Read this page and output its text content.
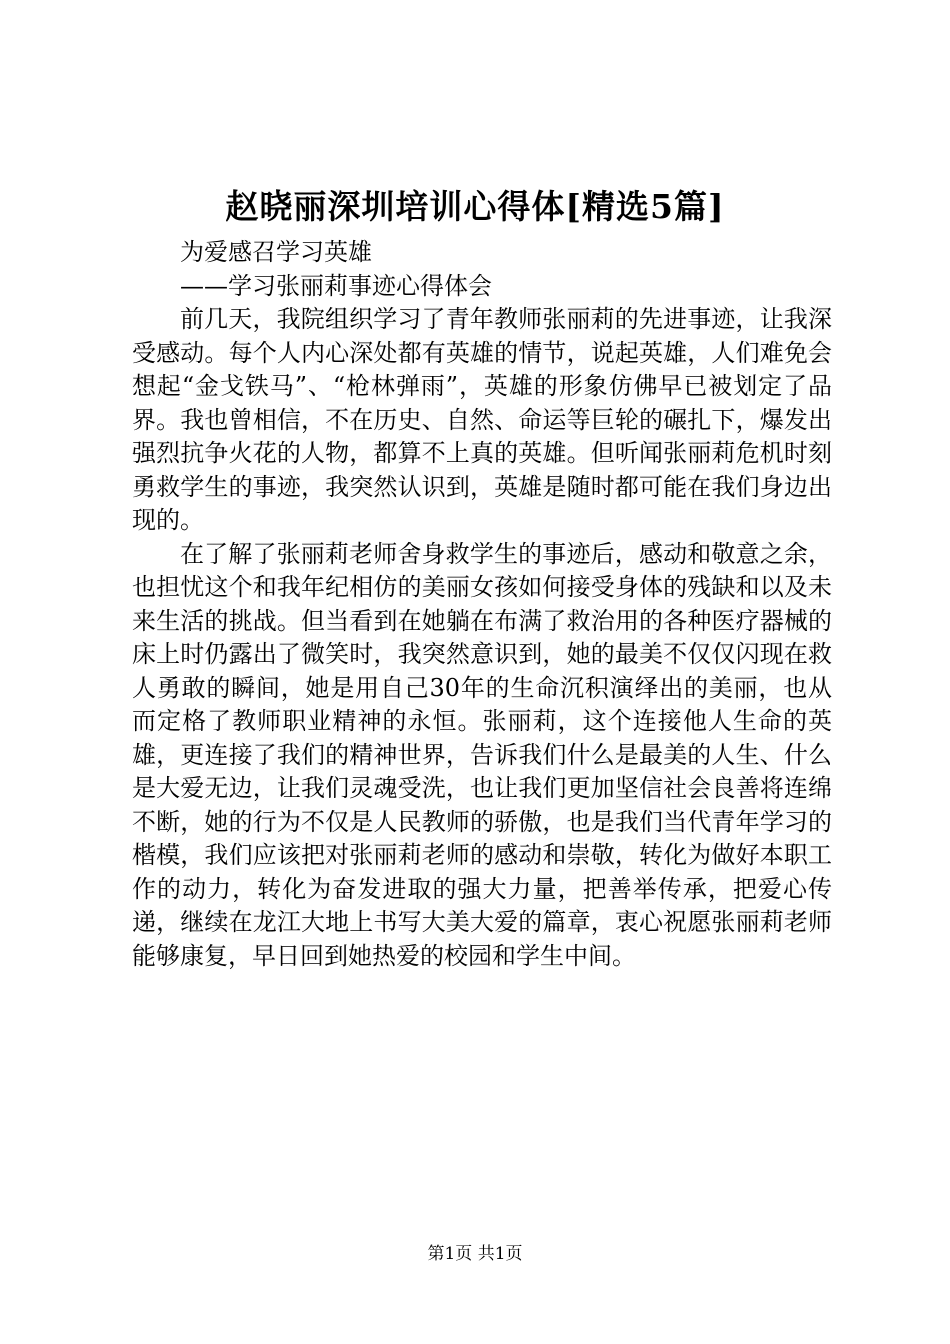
赵晓丽深圳培训心得体[精选5篇]

为爱感召学习英雄

——学习张丽莉事迹心得体会

前几天，我院组织学习了青年教师张丽莉的先进事迹，让我深受感动。每个人内心深处都有英雄的情节，说起英雄，人们难免会想起“金戈铁马”、“枪林弹雨”，英雄的形象仿佛早已被划定了品界。我也曾相信，不在历史、自然、命运等巨轮的碾扎下，爆发出强烈抗争火花的人物，都算不上真的英雄。但听闻张丽莉危机时刻勇救学生的事迹，我突然认识到，英雄是随时都可能在我们身边出现的。

在了解了张丽莉老师舍身救学生的事迹后，感动和敬意之余，也担忧这个和我年纪相仿的美丽女孩如何接受身体的残缺和以及未来生活的挑战。但当看到在她躺在布满了救治用的各种医疗器械的床上时仍露出了微笑时，我突然意识到，她的最美不仅仅闪现在救人勇敢的瞬间，她是用自己30年的生命沉积演绎出的美丽，也从而定格了教师职业精神的永恒。张丽莉，这个连接他人生命的英雄，更连接了我们的精神世界，告诉我们什么是最美的人生、什么是大爱无边，让我们灵魂受洗，也让我们更加坚信社会良善将连绵不断，她的行为不仅是人民教师的骄傲，也是我们当代青年学习的楷模，我们应该把对张丽莉老师的感动和崇敬，转化为做好本职工作的动力，转化为奋发进取的强大力量，把善举传承，把爱心传递，继续在龙江大地上书写大美大爱的篇章，衷心祝愿张丽莉老师能够康复，早日回到她热爱的校园和学生中间。

第1页 共1页
